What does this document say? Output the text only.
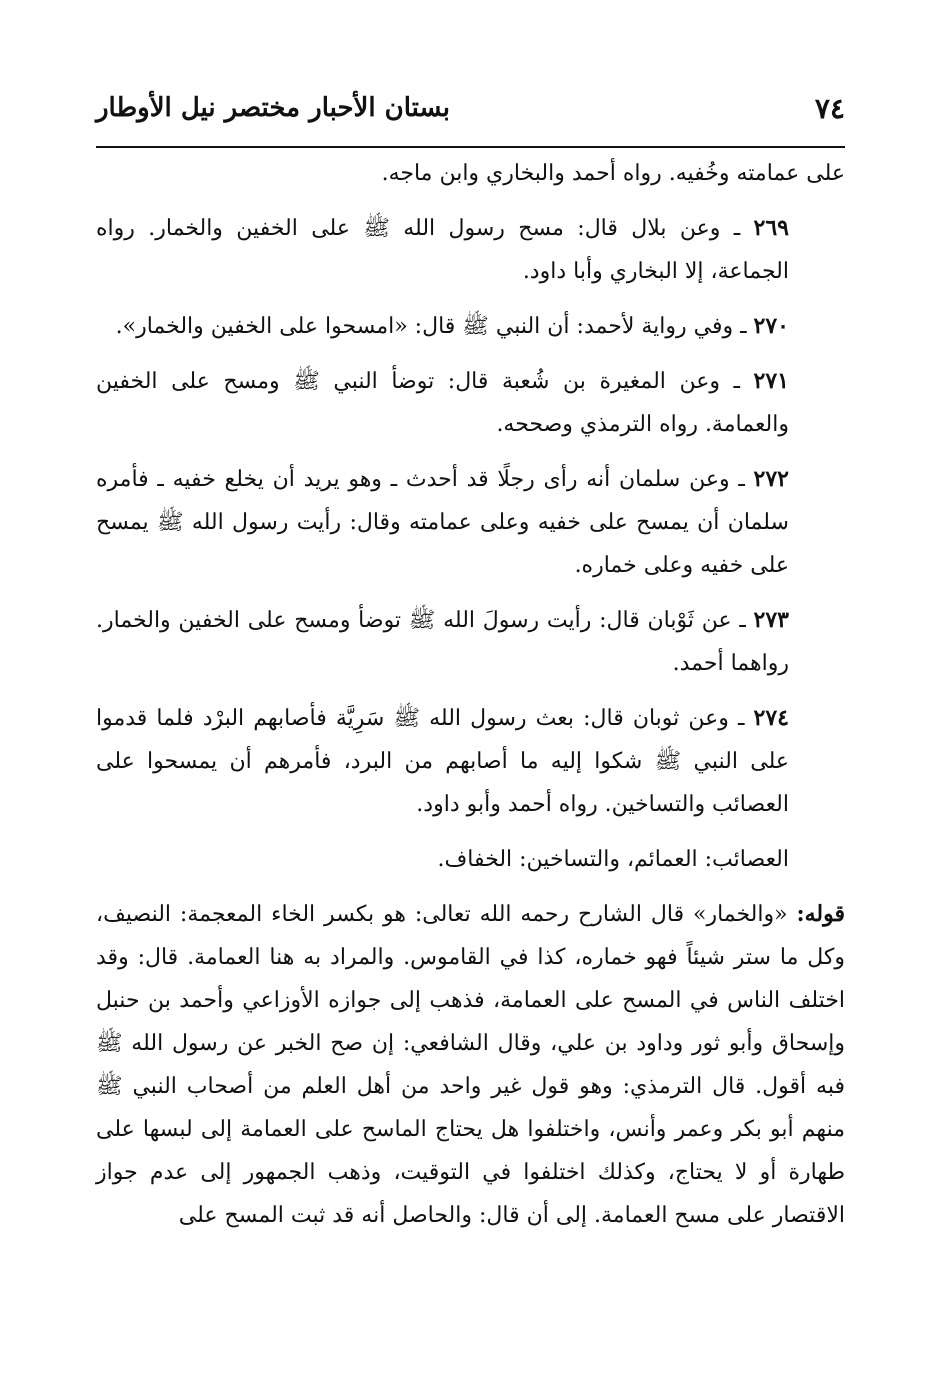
٧٤
بستان الأحبار مختصر نيل الأوطار

على عمامته وخُفيه. رواه أحمد والبخاري وابن ماجه.

٢٦٩ ـ وعن بلال قال: مسح رسول الله ﷺ على الخفين والخمار. رواه الجماعة، إلا البخاري وأبا داود.

٢٧٠ ـ وفي رواية لأحمد: أن النبي ﷺ قال: «امسحوا على الخفين والخمار».

٢٧١ ـ وعن المغيرة بن شُعبة قال: توضأ النبي ﷺ ومسح على الخفين والعمامة. رواه الترمذي وصححه.

٢٧٢ ـ وعن سلمان أنه رأى رجلًا قد أحدث ـ وهو يريد أن يخلع خفيه ـ فأمره سلمان أن يمسح على خفيه وعلى عمامته وقال: رأيت رسول الله ﷺ يمسح على خفيه وعلى خماره.

٢٧٣ ـ عن ثَوْبان قال: رأيت رسولَ الله ﷺ توضأ ومسح على الخفين والخمار. رواهما أحمد.

٢٧٤ ـ وعن ثوبان قال: بعث رسول الله ﷺ سَرِيَّة فأصابهم البرْد فلما قدموا على النبي ﷺ شكوا إليه ما أصابهم من البرد، فأمرهم أن يمسحوا على العصائب والتساخين. رواه أحمد وأبو داود.

العصائب: العمائم، والتساخين: الخفاف.

قوله: «والخمار» قال الشارح رحمه الله تعالى: هو بكسر الخاء المعجمة: النصيف، وكل ما ستر شيئاً فهو خماره، كذا في القاموس. والمراد به هنا العمامة. قال: وقد اختلف الناس في المسح على العمامة، فذهب إلى جوازه الأوزاعي وأحمد بن حنبل وإسحاق وأبو ثور وداود بن علي، وقال الشافعي: إن صح الخبر عن رسول الله ﷺ فبه أقول. قال الترمذي: وهو قول غير واحد من أهل العلم من أصحاب النبي ﷺ منهم أبو بكر وعمر وأنس، واختلفوا هل يحتاج الماسح على العمامة إلى لبسها على طهارة أو لا يحتاج، وكذلك اختلفوا في التوقيت، وذهب الجمهور إلى عدم جواز الاقتصار على مسح العمامة. إلى أن قال: والحاصل أنه قد ثبت المسح على
